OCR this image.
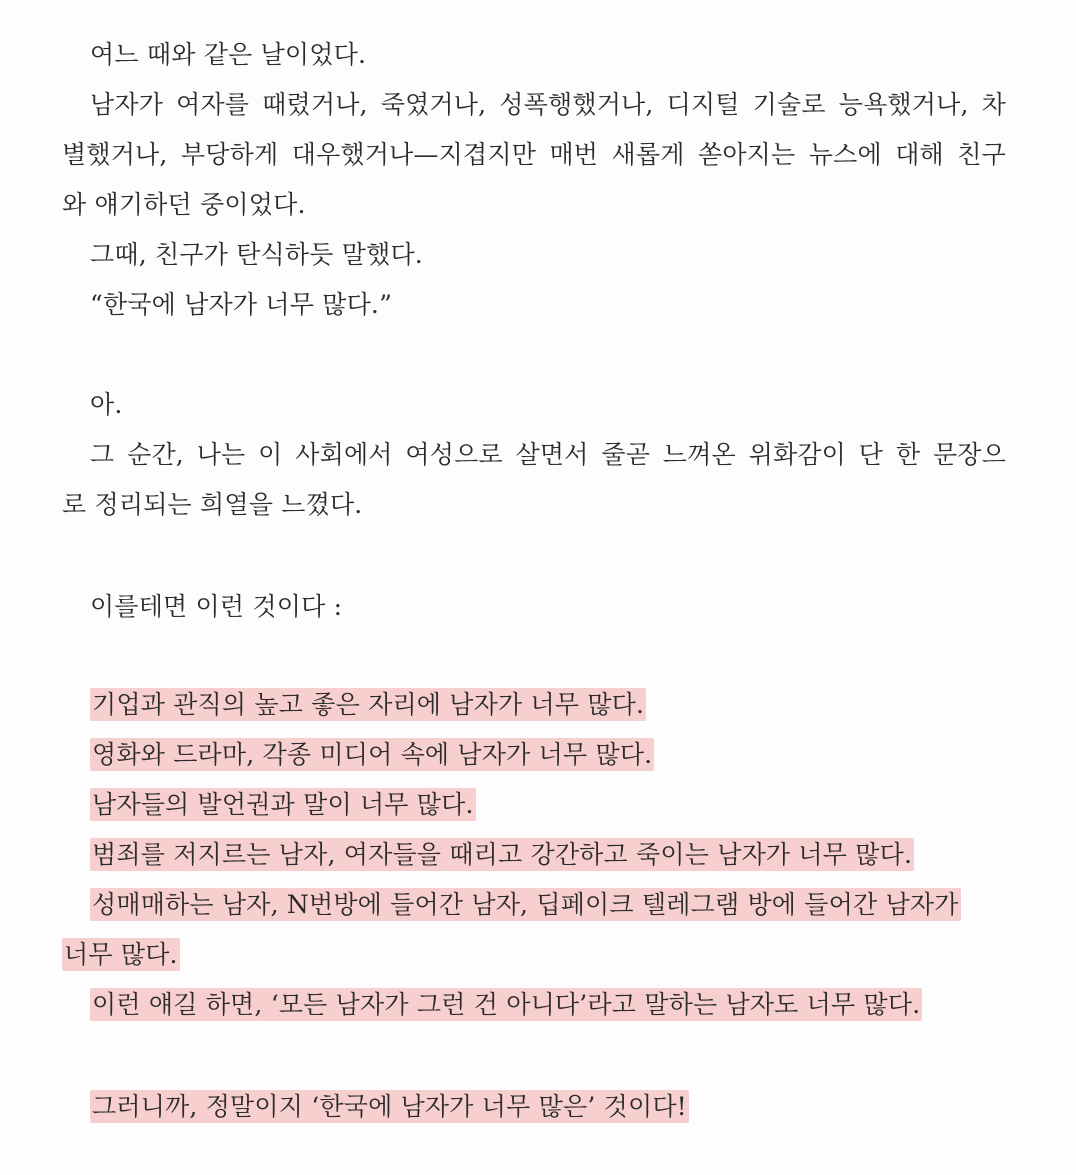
여느 때와 같은 날이었다.
남자가 여자를 때렸거나, 죽였거나, 성폭행했거나, 디지털 기술로 능욕했거나, 차
별했거나, 부당하게 대우했거나—지겹지만 매번 새롭게 쏟아지는 뉴스에 대해 친구
와 얘기하던 중이었다.
그때, 친구가 탄식하듯 말했다.
“한국에 남자가 너무 많다.”
아.
그 순간, 나는 이 사회에서 여성으로 살면서 줄곧 느껴온 위화감이 단 한 문장으
로 정리되는 희열을 느꼈다.
이를테면 이런 것이다 :
기업과 관직의 높고 좋은 자리에 남자가 너무 많다.
영화와 드라마, 각종 미디어 속에 남자가 너무 많다.
남자들의 발언권과 말이 너무 많다.
범죄를 저지르는 남자, 여자들을 때리고 강간하고 죽이는 남자가 너무 많다.
성매매하는 남자, N번방에 들어간 남자, 딥페이크 텔레그램 방에 들어간 남자가
너무 많다.
이런 얘길 하면, ‘모든 남자가 그런 건 아니다’라고 말하는 남자도 너무 많다.
그러니까, 정말이지 ‘한국에 남자가 너무 많은’ 것이다!
